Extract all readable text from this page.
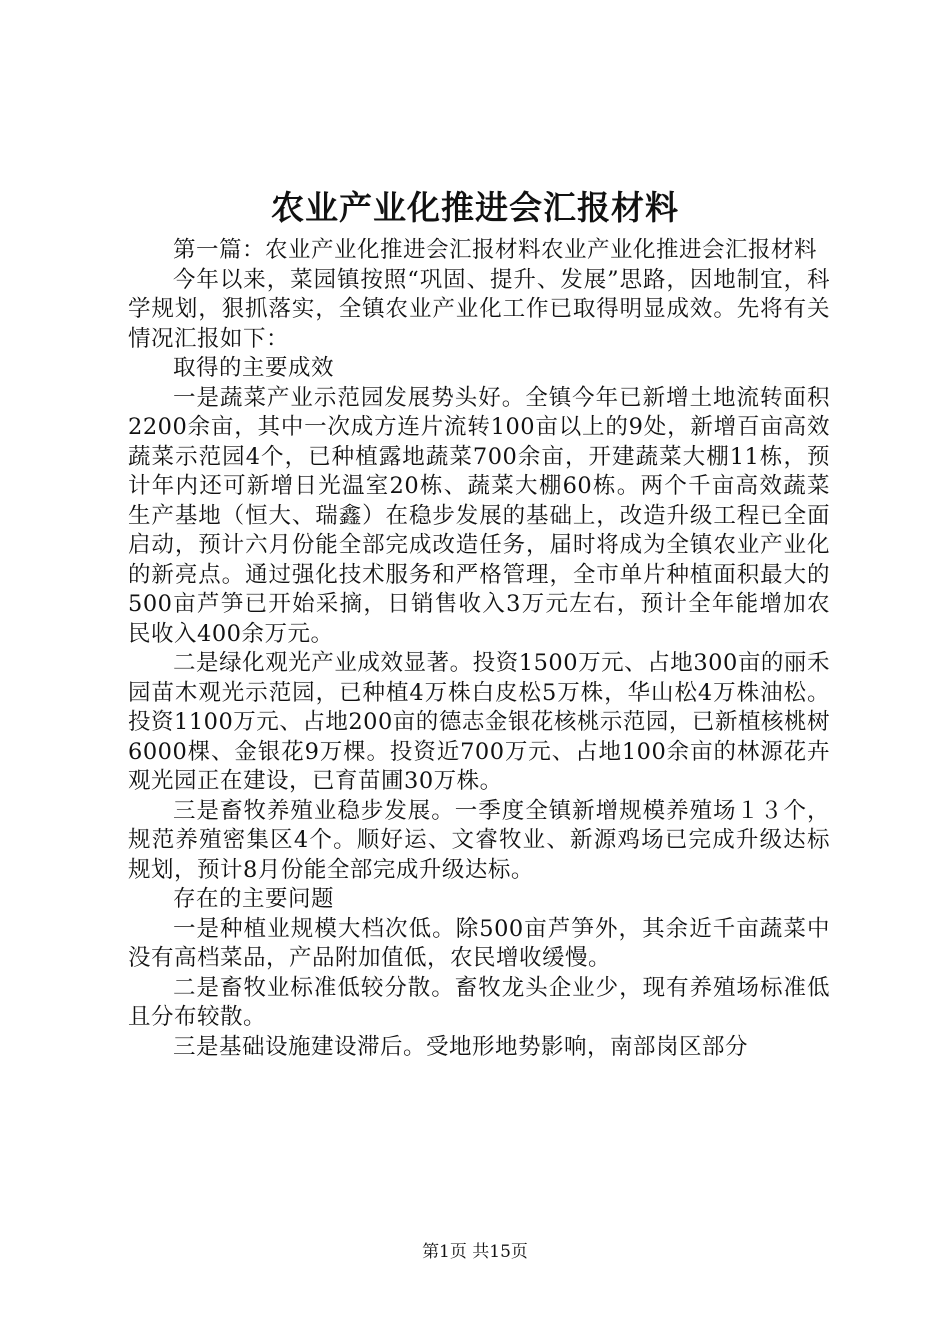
农业产业化推进会汇报材料

第一篇：农业产业化推进会汇报材料农业产业化推进会汇报材料

今年以来，菜园镇按照“巩固、提升、发展”思路，因地制宜，科学规划，狠抓落实，全镇农业产业化工作已取得明显成效。先将有关情况汇报如下：

取得的主要成效

一是蔬菜产业示范园发展势头好。全镇今年已新增土地流转面积2200余亩，其中一次成方连片流转100亩以上的9处，新增百亩高效蔬菜示范园4个，已种植露地蔬菜700余亩，开建蔬菜大棚11栋，预计年内还可新增日光温室20栋、蔬菜大棚60栋。两个千亩高效蔬菜生产基地（恒大、瑞鑫）在稳步发展的基础上，改造升级工程已全面启动，预计六月份能全部完成改造任务，届时将成为全镇农业产业化的新亮点。通过强化技术服务和严格管理，全市单片种植面积最大的500亩芦笋已开始采摘，日销售收入3万元左右，预计全年能增加农民收入400余万元。

二是绿化观光产业成效显著。投资1500万元、占地300亩的丽禾园苗木观光示范园，已种植4万株白皮松5万株，华山松4万株油松。投资1100万元、占地200亩的德志金银花核桃示范园，已新植核桃树6000棵、金银花9万棵。投资近700万元、占地100余亩的林源花卉观光园正在建设，已育苗圃30万株。

三是畜牧养殖业稳步发展。一季度全镇新增规模养殖场１３个，规范养殖密集区4个。顺好运、文睿牧业、新源鸡场已完成升级达标规划，预计8月份能全部完成升级达标。

存在的主要问题

一是种植业规模大档次低。除500亩芦笋外，其余近千亩蔬菜中没有高档菜品，产品附加值低，农民增收缓慢。

二是畜牧业标准低较分散。畜牧龙头企业少，现有养殖场标准低且分布较散。

三是基础设施建设滞后。受地形地势影响，南部岗区部分

第1页 共15页
